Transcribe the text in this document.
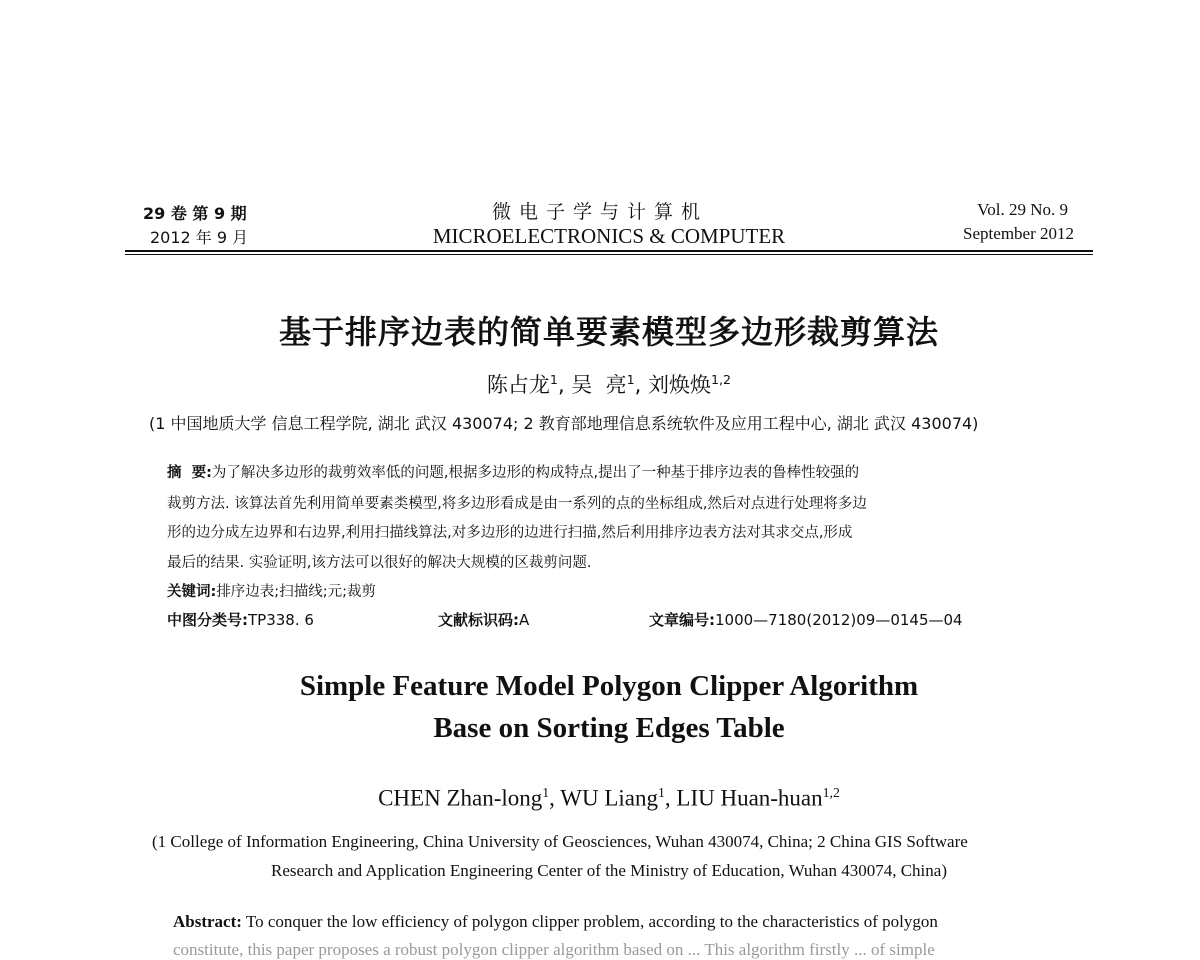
29 卷 第 9 期
2012 年 9 月
微电子学与计算机
MICROELECTRONICS & COMPUTER
Vol. 29 No. 9
September 2012
基于排序边表的简单要素模型多边形裁剪算法
陈占龙$^1$, 吴  亮$^1$, 刘焕焕$^{1,2}$
(1 中国地质大学 信息工程学院, 湖北 武汉 430074; 2 教育部地理信息系统软件及应用工程中心, 湖北 武汉 430074)
摘  要:为了解决多边形的裁剪效率低的问题,根据多边形的构成特点,提出了一种基于排序边表的鲁棒性较强的
裁剪方法. 该算法首先利用简单要素类模型,将多边形看成是由一系列的点的坐标组成,然后对点进行处理将多边
形的边分成左边界和右边界,利用扫描线算法,对多边形的边进行扫描,然后利用排序边表方法对其求交点,形成
最后的结果. 实验证明,该方法可以很好的解决大规模的区裁剪问题.
关键词:排序边表;扫描线;元;裁剪
中图分类号:TP338. 6	文献标识码:A	文章编号:1000—7180(2012)09—0145—04
Simple Feature Model Polygon Clipper Algorithm
Base on Sorting Edges Table
CHEN Zhan-long$^1$, WU Liang$^1$, LIU Huan-huan$^{1,2}$
(1 College of Information Engineering, China University of Geosciences, Wuhan 430074, China; 2 China GIS Software
Research and Application Engineering Center of the Ministry of Education, Wuhan 430074, China)
Abstract: To conquer the low efficiency of polygon clipper problem, according to the characteristics of polygon
constitute, this paper proposes a robust polygon clipper algorithm based on ... This algorithm firstly ... of simple
